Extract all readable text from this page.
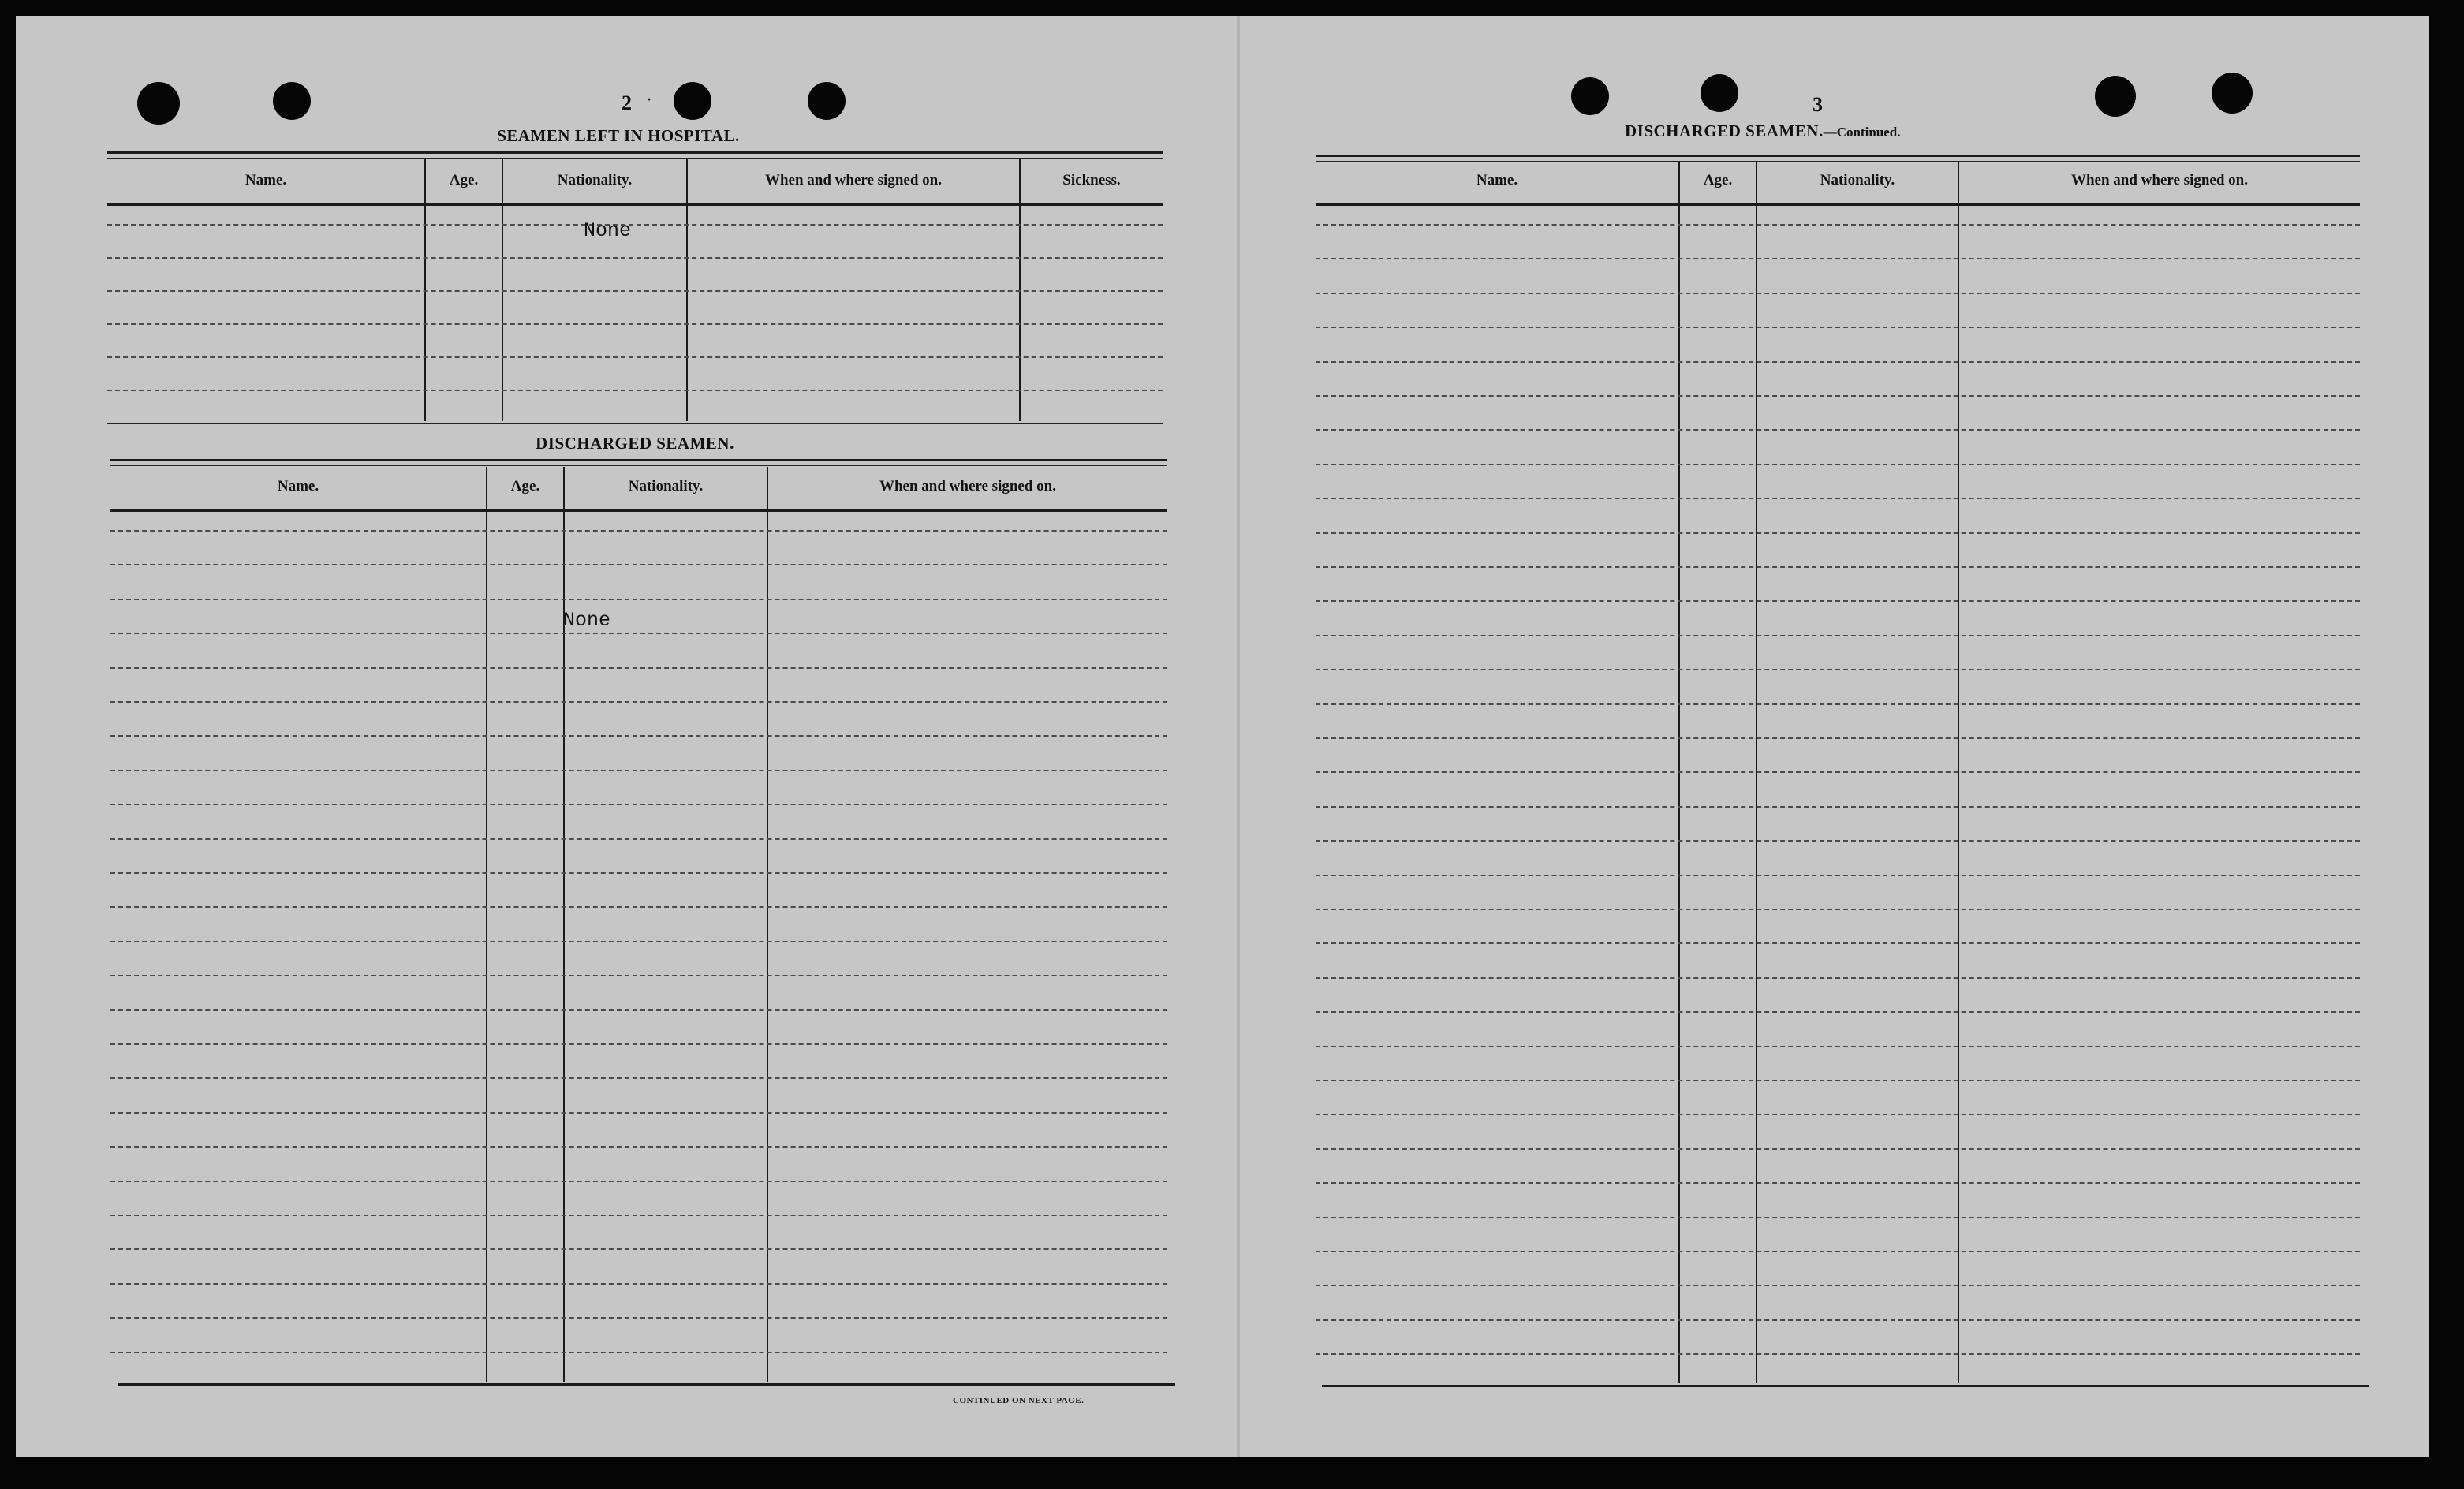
2 ·
SEAMEN LEFT IN HOSPITAL.
Name.	Age.	Nationality.	When and where signed on.	Sickness.
None
DISCHARGED SEAMEN.
Name.	Age.	Nationality.	When and where signed on.
None
CONTINUED ON NEXT PAGE.
3
DISCHARGED SEAMEN.—Continued.
Name.	Age.	Nationality.	When and where signed on.
